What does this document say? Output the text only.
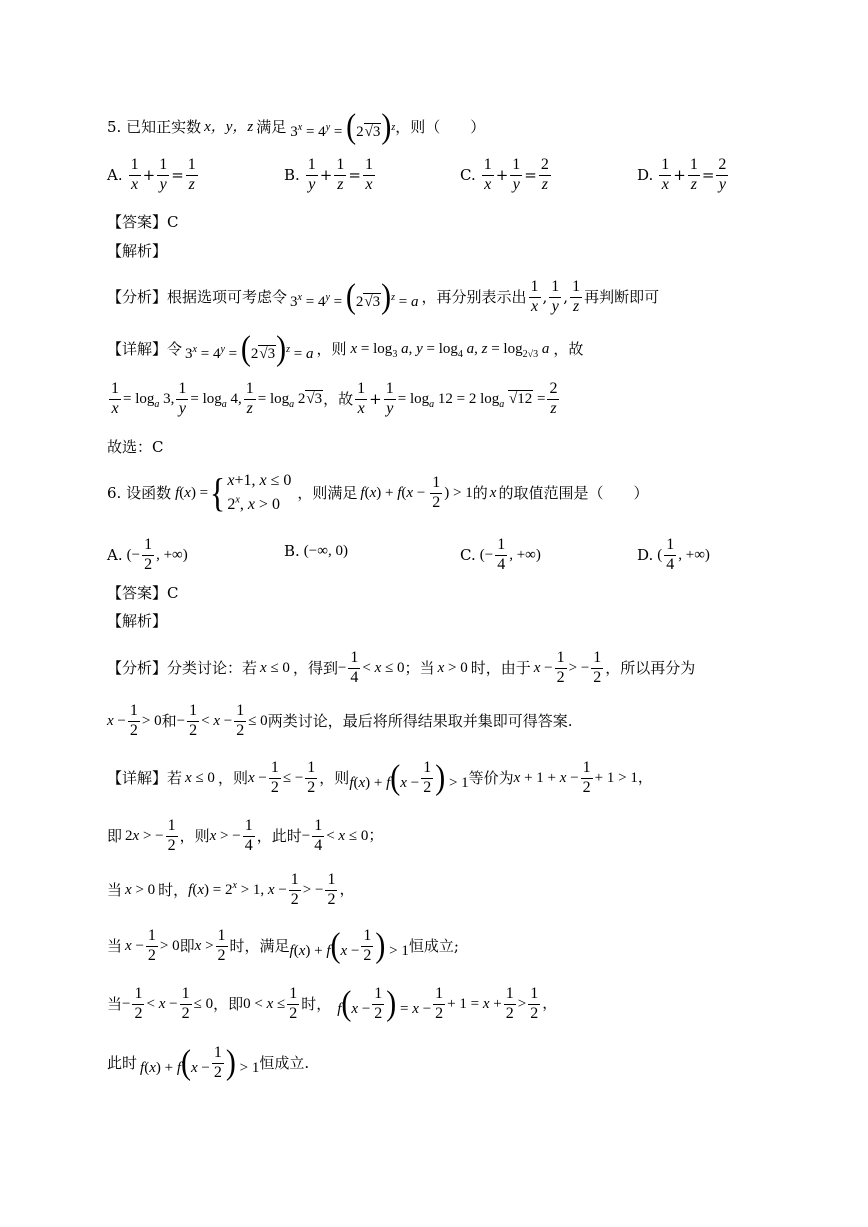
5. 已知正实数 x，y，z 满足 $3^x = 4^y = (2√3)^z$ ，则（　　）
A. $\frac{1}{x} + \frac{1}{y} = \frac{1}{z}$	B. $\frac{1}{y} + \frac{1}{z} = \frac{1}{x}$	C. $\frac{1}{x} + \frac{1}{y} = \frac{2}{z}$	D. $\frac{1}{x} + \frac{1}{z} = \frac{2}{y}$
【答案】C
【解析】
【分析】 根据选项可考虑令 $3^x = 4^y = (2√3)^z = a$ ，再分别表示出 $\frac{1}{x}$ , $\frac{1}{y}$ , $\frac{1}{z}$ 再判断即可
【详解】 令 $3^x = 4^y = (2√3)^z = a$ ，则 $x = \log_3 a$, $y = \log_4 a$, $z = \log_{2√3} a$ ，故
$\frac{1}{x} = \log_a 3$, $\frac{1}{y} = \log_a 4$, $\frac{1}{z} = \log_a 2√3$ ，故 $\frac{1}{x} + \frac{1}{y} = \log_a 12 = 2$ $\log_a √12 = \frac{2}{z}$
故选：C
6. 设函数 f(x) = { x+1, x ≤ 0
2$^x$, x > 0
，则满足 $f(x) + f(x - \frac{1}{2}$ ) > 1 的 x 的取值范围是（　　）
A. (− $\frac{1}{2}$ , +∞)	B. (−∞, 0)	C. (− $\frac{1}{4}$ , +∞)	D. ( $\frac{1}{4}$ , +∞)
【答案】C
【解析】
【分析】 分类讨论：若 x ≤ 0 ，得到 − $\frac{1}{4} < x \le 0$ ；当 x > 0 时，由于 $x - \frac{1}{2}$ > − $\frac{1}{2}$ ，所以再分为
$x - \frac{1}{2} > 0$ 和 − $\frac{1}{2} < x - \frac{1}{2} \le 0$ 两类讨论，最后将所得结果取并集即可得答案.
【详解】 若 x ≤ 0 ，则 $x - \frac{1}{2}$ ≤ − $\frac{1}{2}$ ，则 $f(x) + f(x - \frac{1}{2}$ ) > 1 等价为 $x + 1 + x - \frac{1}{2} + 1 > 1$，
即 2x > − $\frac{1}{2}$ ，则 x > − $\frac{1}{4}$ ，此时 − $\frac{1}{4} < x \le 0$；
当 x > 0 时， $f(x) = 2^x > 1$, $x - \frac{1}{2}$ > − $\frac{1}{2}$ ，
当 $x - \frac{1}{2} > 0$ 即 $x > \frac{1}{2}$ 时，满足 $f(x) + f(x - \frac{1}{2}$ ) > 1 恒成立;
当 − $\frac{1}{2} < x - \frac{1}{2} \le 0$ ，即 $0 < x \le \frac{1}{2}$ 时， $f(x - \frac{1}{2}$ ) = $x - \frac{1}{2} + 1 = x + \frac{1}{2} > \frac{1}{2}$ ，
此时 $f(x) + f(x - \frac{1}{2}$ ) > 1 恒成立.
